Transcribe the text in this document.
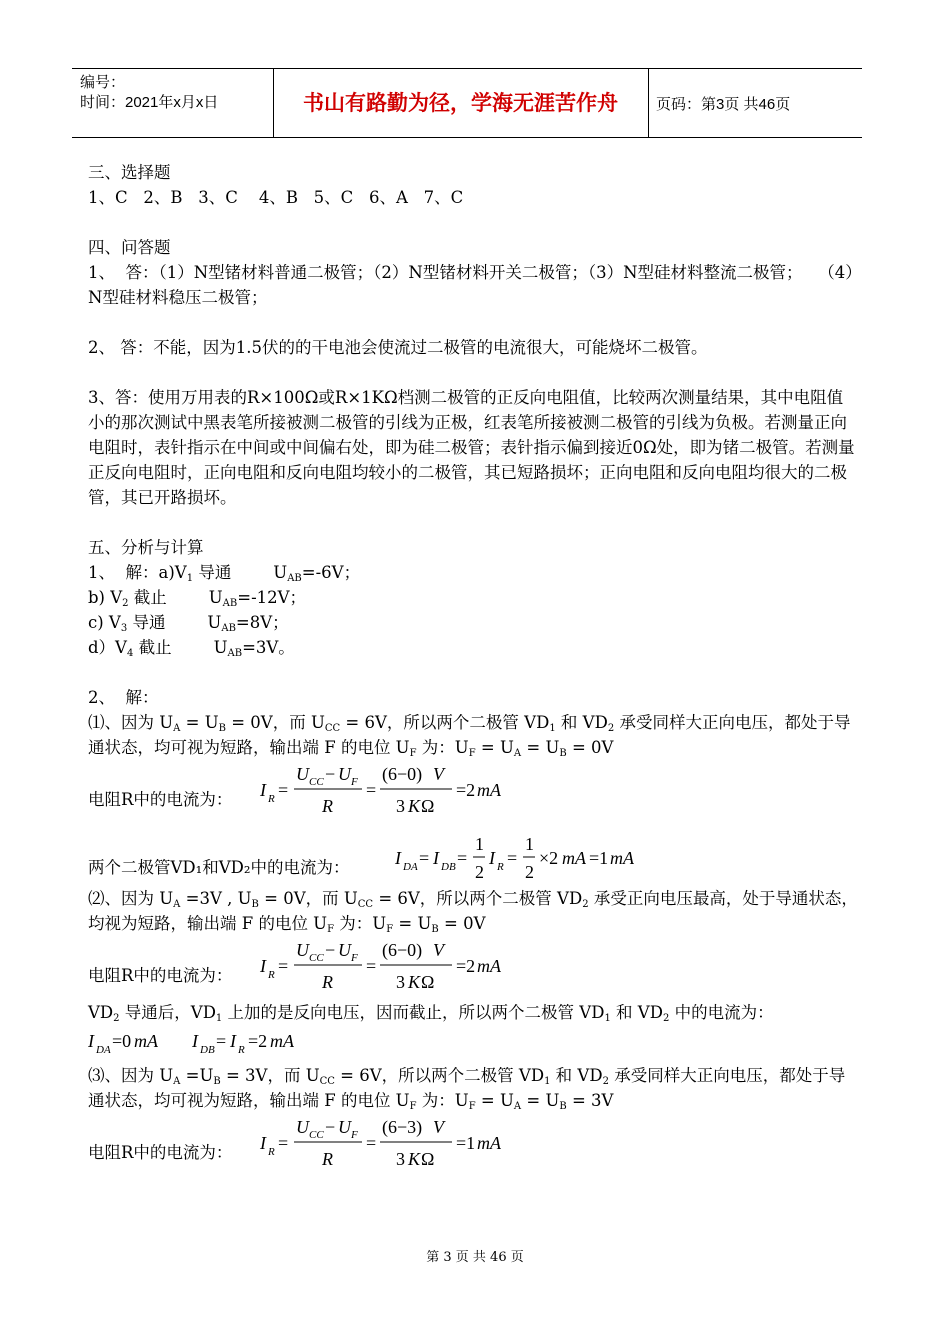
编号：
时间：2021年x月x日	书山有路勤为径，学海无涯苦作舟	页码：第3页 共46页

三、选择题

1、C   2、B   3、C    4、B   5、C   6、A   7、C

四、问答题

1、  答：（1）N型锗材料普通二极管；（2）N型锗材料开关二极管；（3）N型硅材料整流二极管；   （4）N型硅材料稳压二极管；

2、 答：不能，因为1.5伏的的干电池会使流过二极管的电流很大，可能烧坏二极管。

3、答：使用万用表的R×100Ω或R×1KΩ档测二极管的正反向电阻值，比较两次测量结果，其中电阻值小的那次测试中黑表笔所接被测二极管的引线为正极，红表笔所接被测二极管的引线为负极。若测量正向电阻时，表针指示在中间或中间偏右处，即为硅二极管；表针指示偏到接近0Ω处，即为锗二极管。若测量正反向电阻时，正向电阻和反向电阻均较小的二极管，其已短路损坏；正向电阻和反向电阻均很大的二极管，其已开路损坏。

五、分析与计算

1、  解：$a)V_1$ 导通        $U_{AB}=-6V$；

b) $V_2$ 截止        $U_{AB}=-12V$；

c) $V_3$ 导通        $U_{AB}=8V$；

$d)V_4$ 截止        $U_{AB}=3V$。

2、  解：

⑴、因为 $U_A = U_B = 0V$，而 $U_{CC} = 6V$，所以两个二极管 $VD_1$ 和 $VD_2$ 承受同样大正向电压，都处于导通状态，均可视为短路，输出端 F 的电位 $U_F$ 为：$U_F = U_A = U_B = 0V$

电阻R中的电流为： I R =
U CC − U F
R
=
(6−0) V
3 K Ω
=2 mA
两个二极管VD₁和VD₂中的电流为：	I DA = I DB =
1
2
I R =
1
2
×2 mA =1 mA

⑵、因为 $U_A =3V$ , $U_B = 0V$，而 $U_{CC} = 6V$，所以两个二极管 $VD_2$ 承受正向电压最高，处于导通状态，均视为短路，输出端 F 的电位 $U_F$ 为：$U_F = U_B = 0V$

电阻R中的电流为： I R =
U CC − U F
R
=
(6−0) V
3 K Ω
=2 mA

$VD_2$ 导通后，$VD_1$ 上加的是反向电压，因而截止，所以两个二极管 $VD_1$ 和 $VD_2$ 中的电流为：

I DA =0 mA I DB = I R =2 mA

⑶、因为 $U_A =U_B = 3V$，而 $U_{CC} = 6V$，所以两个二极管 $VD_1$ 和 $VD_2$ 承受同样大正向电压，都处于导通状态，均可视为短路，输出端 F 的电位 $U_F$ 为：$U_F = U_A = U_B = 3V$

电阻R中的电流为： I R =
U CC − U F
R
=
(6−3) V
3 K Ω
=1 mA
第 3 页 共 46 页
